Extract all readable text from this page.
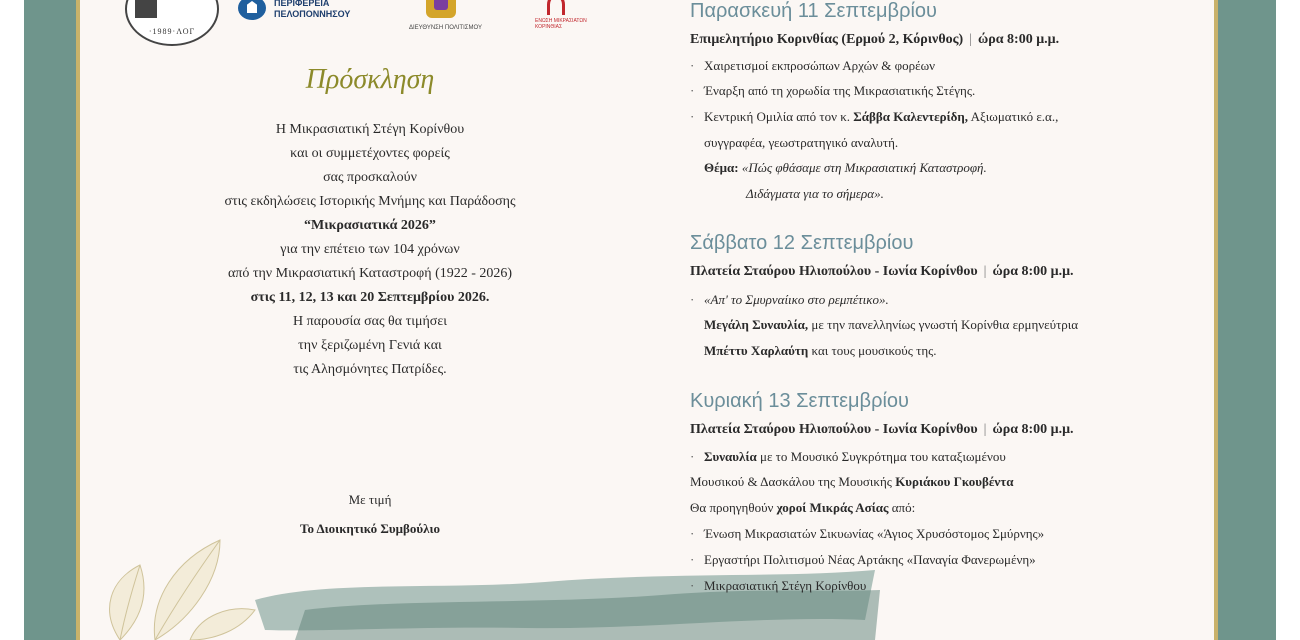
·1989·ΛΟΓ
ΠΕΡΙΦΕΡΕΙΑ
ΠΕΛΟΠΟΝΝΗΣΟΥ
ΔΙΕΥΘΥΝΣΗ ΠΟΛΙΤΙΣΜΟΥ
ΕΝΩΣΗ ΜΙΚΡΑΣΙΑΤΩΝ ΚΟΡΙΝΘΙΑΣ
Πρόσκληση
Η Μικρασιατική Στέγη Κορίνθου
και οι συμμετέχοντες φορείς
σας προσκαλούν
στις εκδηλώσεις Ιστορικής Μνήμης και Παράδοσης
“Μικρασιατικά 2026”
για την επέτειο των 104 χρόνων
από την Μικρασιατική Καταστροφή (1922 - 2026)
στις 11, 12, 13 και 20 Σεπτεμβρίου 2026.
Η παρουσία σας θα τιμήσει
την ξεριζωμένη Γενιά και
τις Αλησμόνητες Πατρίδες.
Με τιμή
Το Διοικητικό Συμβούλιο
Παρασκευή 11 Σεπτεμβρίου
Επιμελητήριο Κορινθίας (Ερμού 2, Κόρινθος) | ώρα 8:00 μ.μ.
· Χαιρετισμοί εκπροσώπων Αρχών & φορέων
· Έναρξη από τη χορωδία της Μικρασιατικής Στέγης.
· Κεντρική Ομιλία από τον κ. Σάββα Καλεντερίδη, Αξιωματικό ε.α.,
συγγραφέα, γεωστρατηγικό αναλυτή.
Θέμα: «Πώς φθάσαμε στη Μικρασιατική Καταστροφή.
Διδάγματα για το σήμερα».
Σάββατο 12 Σεπτεμβρίου
Πλατεία Σταύρου Ηλιοπούλου - Ιωνία Κορίνθου | ώρα 8:00 μ.μ.
· «Απ' το Σμυρναίικο στο ρεμπέτικο».
Μεγάλη Συναυλία, με την πανελληνίως γνωστή Κορίνθια ερμηνεύτρια
Μπέττυ Χαρλαύτη και τους μουσικούς της.
Κυριακή 13 Σεπτεμβρίου
Πλατεία Σταύρου Ηλιοπούλου - Ιωνία Κορίνθου | ώρα 8:00 μ.μ.
· Συναυλία με το Μουσικό Συγκρότημα του καταξιωμένου
Μουσικού & Δασκάλου της Μουσικής Κυριάκου Γκουβέντα
Θα προηγηθούν χοροί Μικράς Ασίας από:
· Ένωση Μικρασιατών Σικυωνίας «Άγιος Χρυσόστομος Σμύρνης»
· Εργαστήρι Πολιτισμού Νέας Αρτάκης «Παναγία Φανερωμένη»
· Μικρασιατική Στέγη Κορίνθου
